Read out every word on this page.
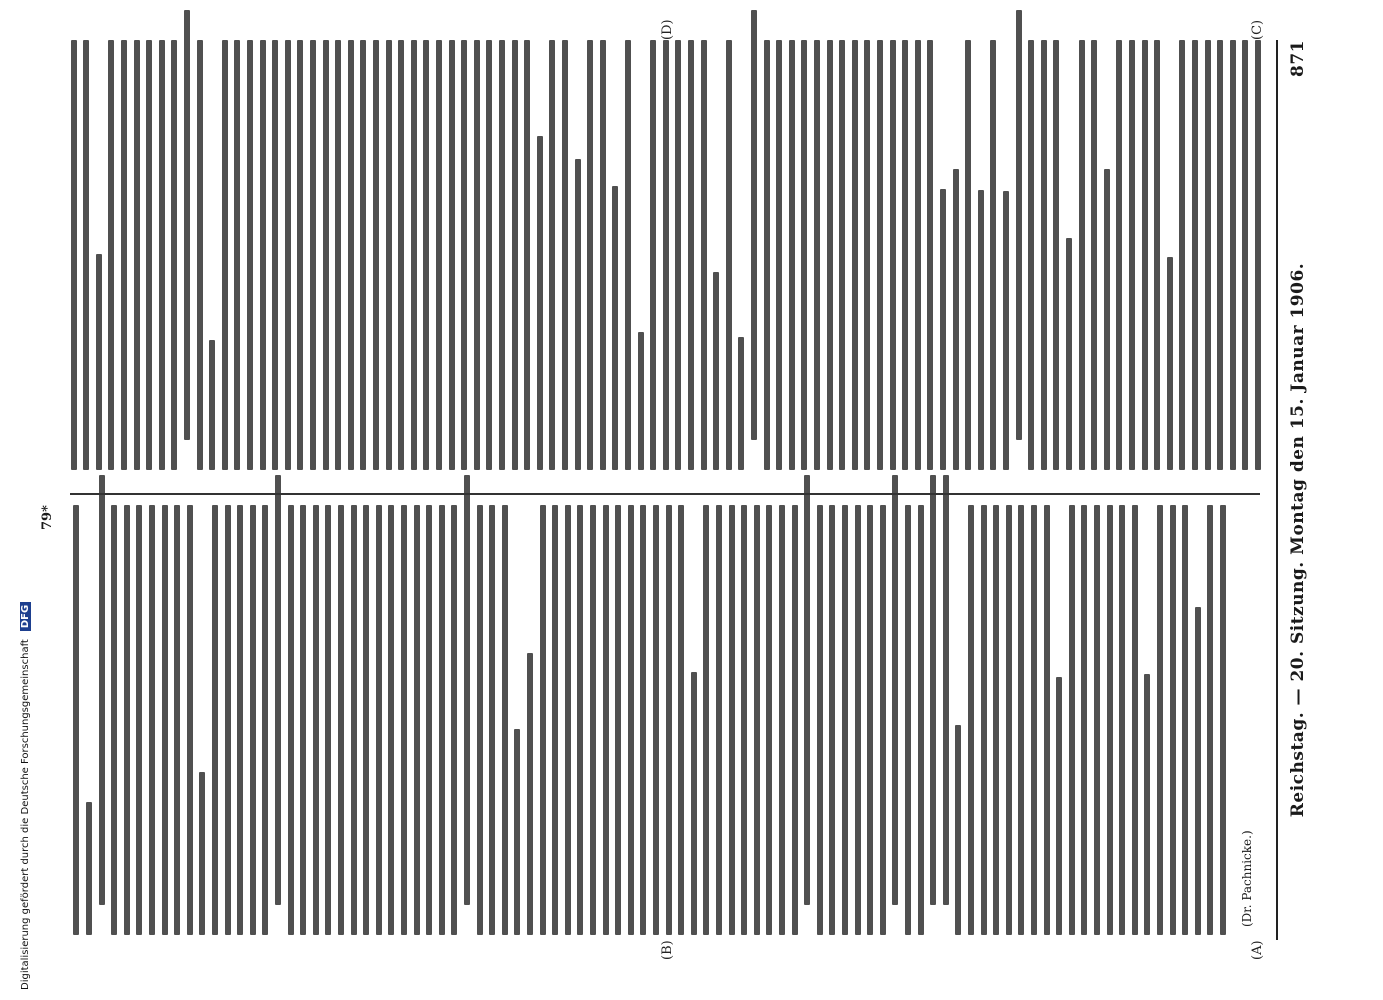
Reichstag. — 20. Sitzung. Montag den 15. Januar 1906.
871
(A)
(B)
(C)
(D)
(Dr. Pachnicke.)
79*
Digitalisierung gefördert durch die Deutsche ForschungsgemeinschaftDFG
